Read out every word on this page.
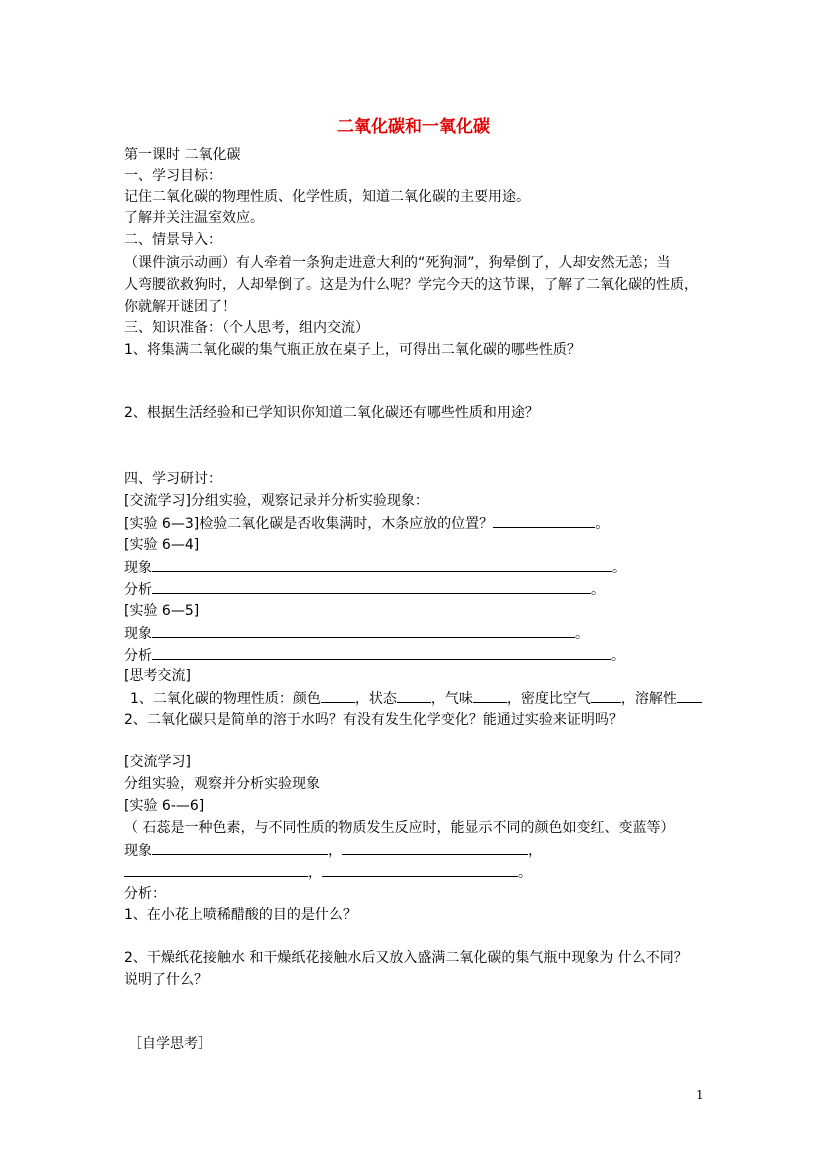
二氧化碳和一氧化碳
第一课时 二氧化碳
一、学习目标：
记住二氧化碳的物理性质、化学性质，知道二氧化碳的主要用途。
了解并关注温室效应。
二、情景导入：
（课件演示动画）有人牵着一条狗走进意大利的“死狗洞”，狗晕倒了，人却安然无恙；当
人弯腰欲救狗时，人却晕倒了。这是为什么呢？学完今天的这节课，了解了二氧化碳的性质，
你就解开谜团了！
三、知识准备：（个人思考，组内交流）
1、将集满二氧化碳的集气瓶正放在桌子上，可得出二氧化碳的哪些性质？
2、根据生活经验和已学知识你知道二氧化碳还有哪些性质和用途？
四、学习研讨：
[交流学习]分组实验，观察记录并分析实验现象：
[实验 6—3]检验二氧化碳是否收集满时，木条应放的位置？	。
[实验 6—4]
现象	。
分析	。
[实验 6—5]
现象	。
分析	。
[思考交流]
1、二氧化碳的物理性质：颜色 ，状态 ，气味 ，密度比空气 ，溶解性
2、二氧化碳只是简单的溶于水吗？有没有发生化学变化？能通过实验来证明吗？
[交流学习]
分组实验，观察并分析实验现象
[实验 6-—6]
（ 石蕊是一种色素，与不同性质的物质发生反应时，能显示不同的颜色如变红、变蓝等）
现象	，	，
，	。
分析：
1、在小花上喷稀醋酸的目的是什么？
2、干燥纸花接触水 和干燥纸花接触水后又放入盛满二氧化碳的集气瓶中现象为 什么不同？
说明了什么？
［自学思考］
1
